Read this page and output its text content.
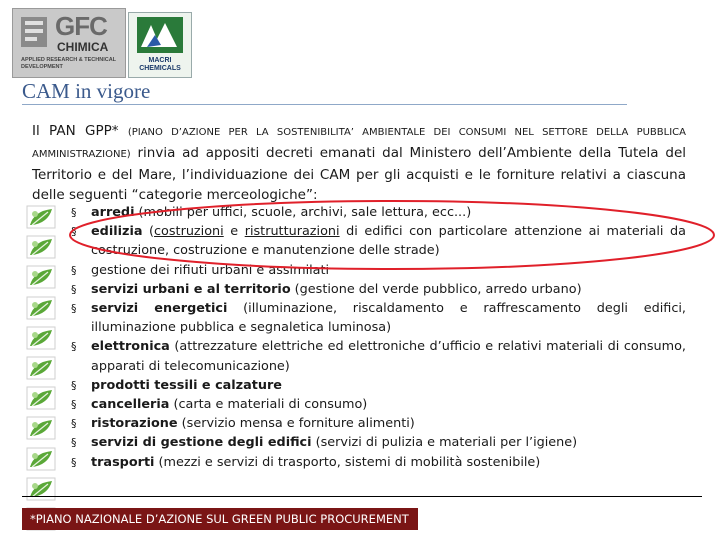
GFC
CHIMICA
APPLIED RESEARCH & TECHNICAL DEVELOPMENT
MACRI CHEMICALS
CAM in vigore
Il PAN GPP* (PIANO D’AZIONE PER LA SOSTENIBILITA’ AMBIENTALE DEI CONSUMI NEL SETTORE DELLA PUBBLICA AMMINISTRAZIONE) rinvia ad appositi decreti emanati dal Ministero dell’Ambiente della Tutela del Territorio e del Mare, l’individuazione dei CAM per gli acquisti e le forniture relativi a ciascuna delle seguenti “categorie merceologiche”:
§ arredi (mobili per uffici, scuole, archivi, sale lettura, ecc...)
§ edilizia (costruzioni e ristrutturazioni di edifici con particolare attenzione ai materiali da costruzione, costruzione e manutenzione delle strade)
§ gestione dei rifiuti urbani e assimilati
§ servizi urbani e al territorio (gestione del verde pubblico, arredo urbano)
§ servizi energetici (illuminazione, riscaldamento e raffrescamento degli edifici, illuminazione pubblica e segnaletica luminosa)
§ elettronica (attrezzature elettriche ed elettroniche d’ufficio e relativi materiali di consumo, apparati di telecomunicazione)
§ prodotti tessili e calzature
§ cancelleria (carta e materiali di consumo)
§ ristorazione (servizio mensa e forniture alimenti)
§ servizi di gestione degli edifici (servizi di pulizia e materiali per l’igiene)
§ trasporti (mezzi e servizi di trasporto, sistemi di mobilità sostenibile)
*PIANO NAZIONALE D’AZIONE SUL GREEN PUBLIC PROCUREMENT
